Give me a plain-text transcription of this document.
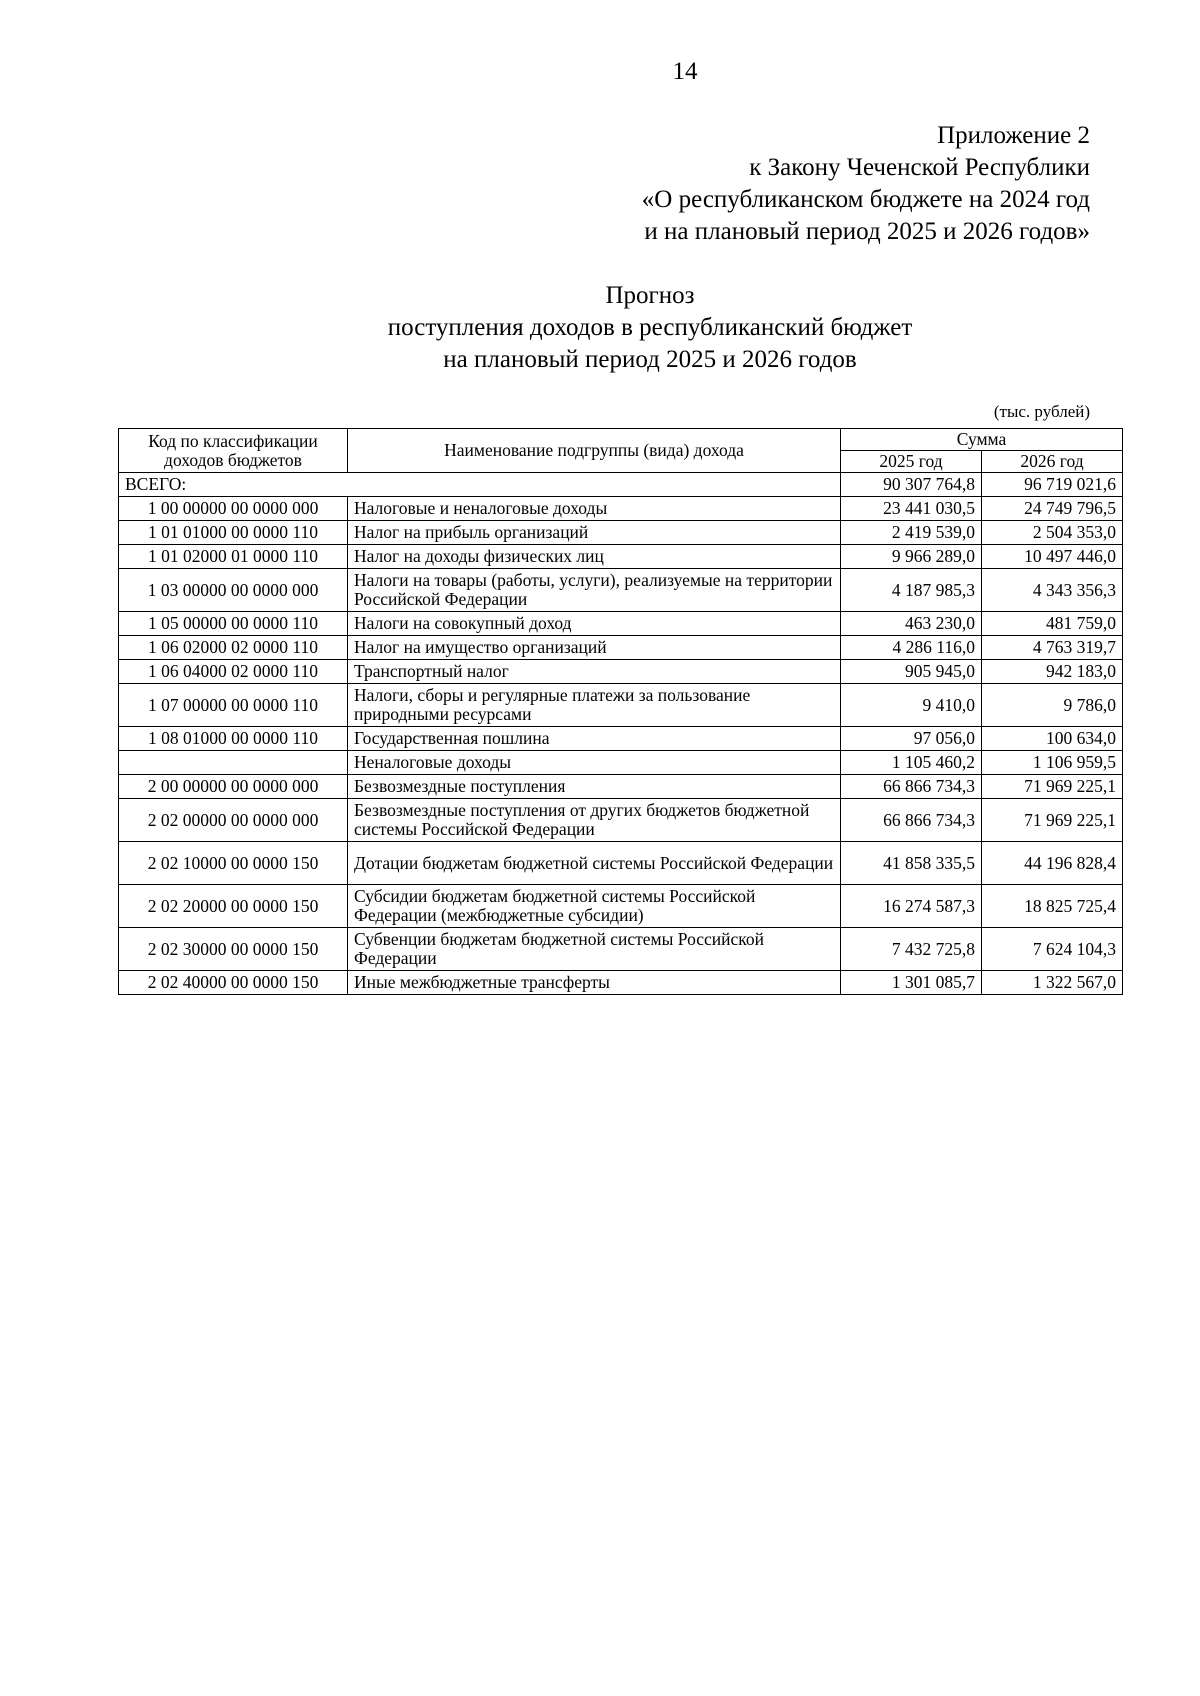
14
Приложение 2
к Закону Чеченской Республики
«О республиканском бюджете на 2024 год
и на плановый период 2025 и 2026 годов»
Прогноз
поступления доходов в республиканский бюджет
на плановый период 2025 и 2026 годов
(тыс. рублей)
Код по классификации доходов бюджетов	Наименование подгруппы (вида) дохода	Сумма	
		2025 год	2026 год
ВСЕГО:		90 307 764,8	96 719 021,6
1 00 00000 00 0000 000	Налоговые и неналоговые доходы	23 441 030,5	24 749 796,5
1 01 01000 00 0000 110	Налог на прибыль организаций	2 419 539,0	2 504 353,0
1 01 02000 01 0000 110	Налог на доходы физических лиц	9 966 289,0	10 497 446,0
1 03 00000 00 0000 000	Налоги на товары (работы, услуги), реализуемые на территории Российской Федерации	4 187 985,3	4 343 356,3
1 05 00000 00 0000 110	Налоги на совокупный доход	463 230,0	481 759,0
1 06 02000 02 0000 110	Налог на имущество организаций	4 286 116,0	4 763 319,7
1 06 04000 02 0000 110	Транспортный налог	905 945,0	942 183,0
1 07 00000 00 0000 110	Налоги, сборы и регулярные платежи за пользование природными ресурсами	9 410,0	9 786,0
1 08 01000 00 0000 110	Государственная пошлина	97 056,0	100 634,0
	Неналоговые доходы	1 105 460,2	1 106 959,5
2 00 00000 00 0000 000	Безвозмездные поступления	66 866 734,3	71 969 225,1
2 02 00000 00 0000 000	Безвозмездные поступления от других бюджетов бюджетной системы Российской Федерации	66 866 734,3	71 969 225,1
2 02 10000 00 0000 150	Дотации бюджетам бюджетной системы Российской Федерации	41 858 335,5	44 196 828,4
2 02 20000 00 0000 150	Субсидии бюджетам бюджетной системы Российской Федерации (межбюджетные субсидии)	16 274 587,3	18 825 725,4
2 02 30000 00 0000 150	Субвенции бюджетам бюджетной системы Российской Федерации	7 432 725,8	7 624 104,3
2 02 40000 00 0000 150	Иные межбюджетные трансферты	1 301 085,7	1 322 567,0
